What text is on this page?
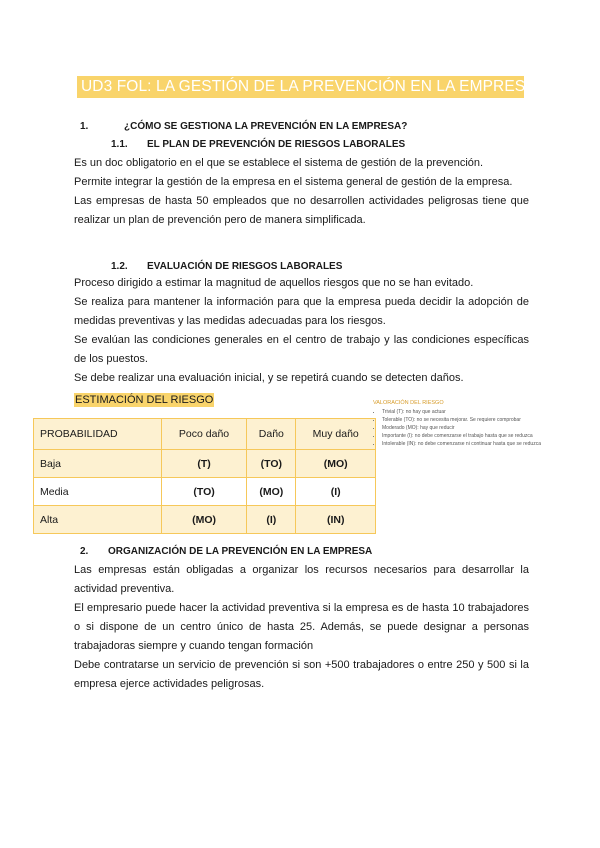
UD3 FOL: LA GESTIÓN DE LA PREVENCIÓN EN LA EMPRESA
1.	¿CÓMO SE GESTIONA LA PREVENCIÓN EN LA EMPRESA?
1.1. EL PLAN DE PREVENCIÓN DE RIESGOS LABORALES

Es un doc obligatorio en el que se establece el sistema de gestión de la prevención.

Permite integrar la gestión de la empresa en el sistema general de gestión de la empresa.

Las empresas de hasta 50 empleados que no desarrollen actividades peligrosas tiene que realizar un plan de prevención pero de manera simplificada.

1.2. EVALUACIÓN DE RIESGOS LABORALES

Proceso dirigido a estimar la magnitud de aquellos riesgos que no se han evitado.

Se realiza para mantener la información para que la empresa pueda decidir la adopción de medidas preventivas y las medidas adecuadas para los riesgos.

Se evalúan las condiciones generales en el centro de trabajo y las condiciones específicas de los puestos.

Se debe realizar una evaluación inicial, y se repetirá cuando se detecten daños.

ESTIMACIÓN DEL RIESGO
PROBABILIDAD	Poco daño	Daño	Muy daño
Baja	(T)	(TO)	(MO)
Media	(TO)	(MO)	(I)
Alta	(MO)	(I)	(IN)
VALORACIÓN DEL RIESGO
• Trivial (T): no hay que actuar
• Tolerable (TO): no se necesita mejorar. Se requiere comprobar
• Moderado (MO): hay que reducir
• Importante (I): no debe comenzarse el trabajo hasta que se reduzca
• Intolerable (IN): no debe comenzarse ni continuar hasta que se reduzca
2. ORGANIZACIÓN DE LA PREVENCIÓN EN LA EMPRESA

Las empresas están obligadas a organizar los recursos necesarios para desarrollar la actividad preventiva.

El empresario puede hacer la actividad preventiva si la empresa es de hasta 10 trabajadores o si dispone de un centro único de hasta 25. Además, se puede designar a personas trabajadoras siempre y cuando tengan formación

Debe contratarse un servicio de prevención si son +500 trabajadores o entre 250 y 500 si la empresa ejerce actividades peligrosas.
